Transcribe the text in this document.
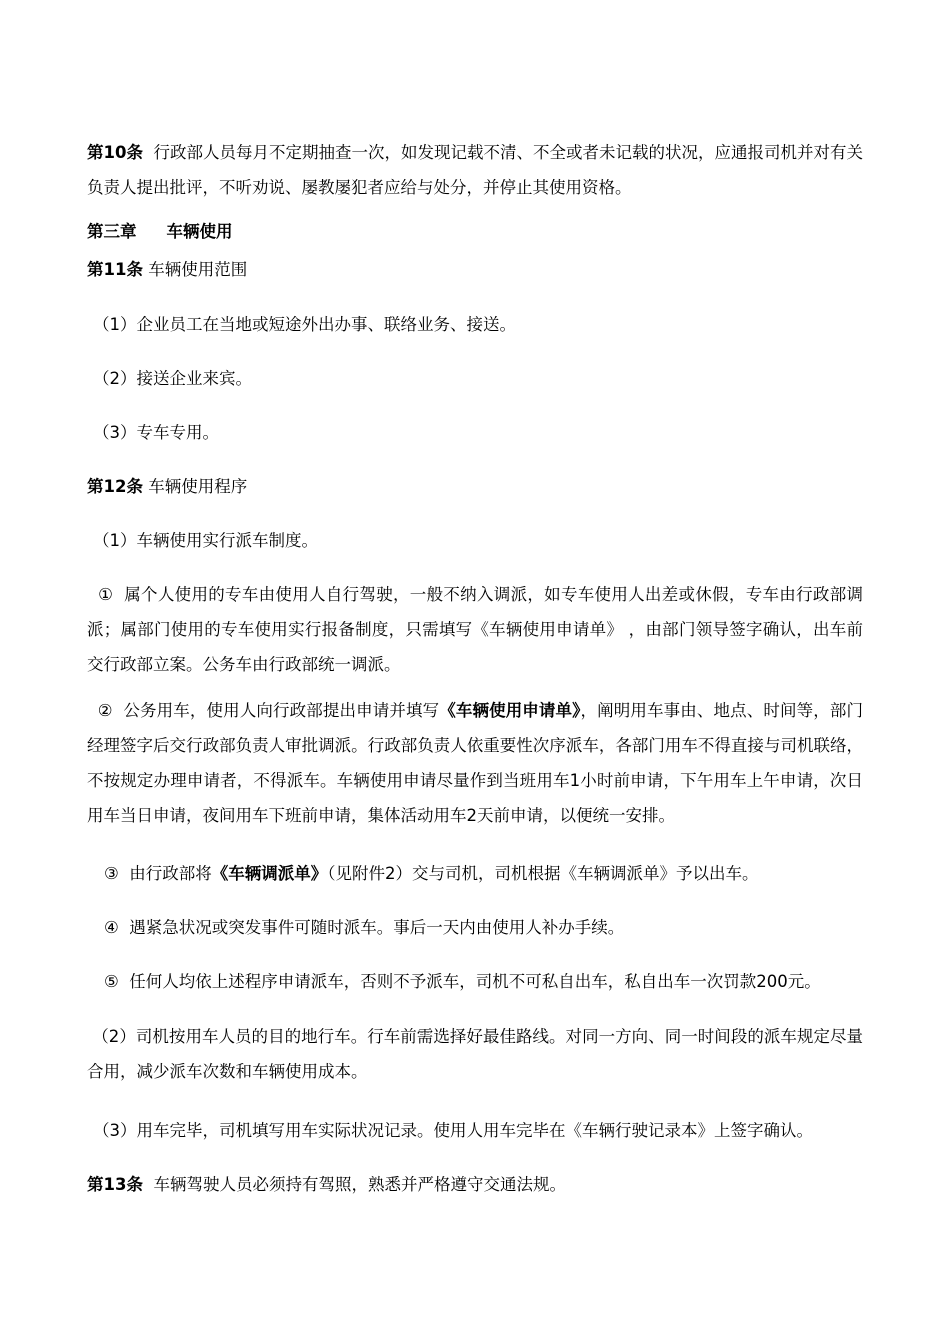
第10条  行政部人员每月不定期抽查一次，如发现记载不清、不全或者未记载的状况，应通报司机并对有关负责人提出批评，不听劝说、屡教屡犯者应给与处分，并停止其使用资格。

第三章 车辆使用

第11条 车辆使用范围

（1）企业员工在当地或短途外出办事、联络业务、接送。

（2）接送企业来宾。

（3）专车专用。

第12条 车辆使用程序

（1）车辆使用实行派车制度。

①  属个人使用的专车由使用人自行驾驶，一般不纳入调派，如专车使用人出差或休假，专车由行政部调派；属部门使用的专车使用实行报备制度，只需填写《车辆使用申请单》 ，由部门领导签字确认，出车前交行政部立案。公务车由行政部统一调派。

②  公务用车，使用人向行政部提出申请并填写《车辆使用申请单》，阐明用车事由、地点、时间等，部门经理签字后交行政部负责人审批调派。行政部负责人依重要性次序派车，各部门用车不得直接与司机联络，不按规定办理申请者，不得派车。车辆使用申请尽量作到当班用车1小时前申请，下午用车上午申请，次日用车当日申请，夜间用车下班前申请，集体活动用车2天前申请，以便统一安排。

③  由行政部将《车辆调派单》（见附件2）交与司机，司机根据《车辆调派单》予以出车。

④  遇紧急状况或突发事件可随时派车。事后一天内由使用人补办手续。

⑤  任何人均依上述程序申请派车，否则不予派车，司机不可私自出车，私自出车一次罚款200元。

（2）司机按用车人员的目的地行车。行车前需选择好最佳路线。对同一方向、同一时间段的派车规定尽量合用，减少派车次数和车辆使用成本。

（3）用车完毕，司机填写用车实际状况记录。使用人用车完毕在《车辆行驶记录本》上签字确认。

第13条  车辆驾驶人员必须持有驾照，熟悉并严格遵守交通法规。
